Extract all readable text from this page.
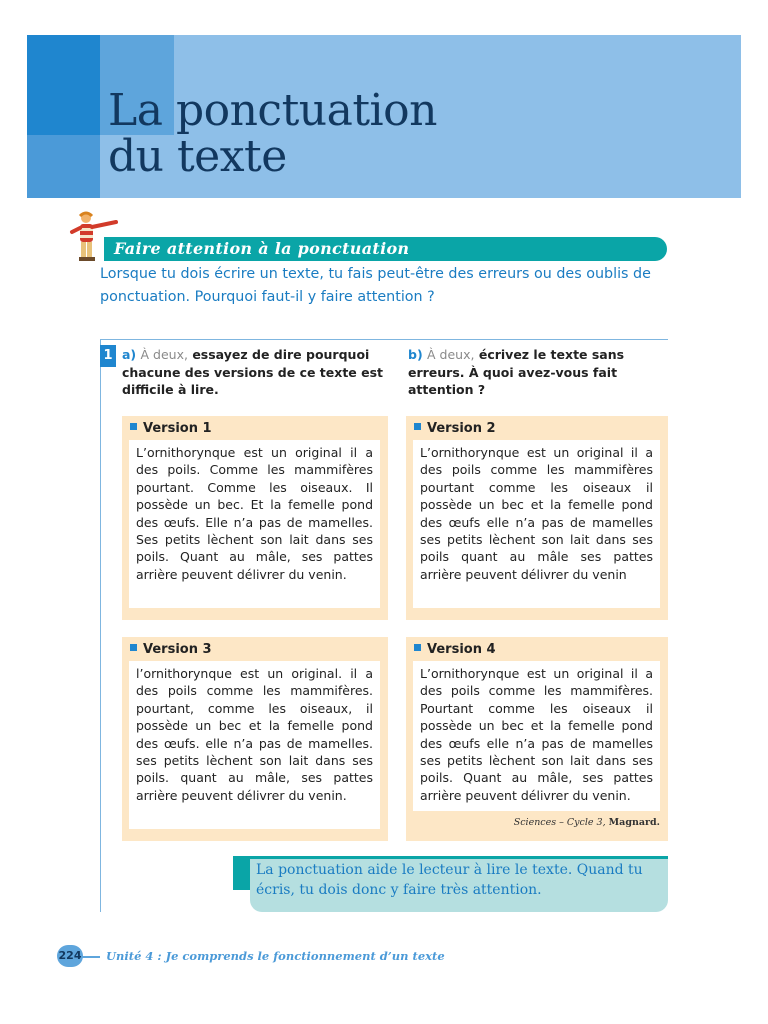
La ponctuation
du texte
Faire attention à la ponctuation
Lorsque tu dois écrire un texte, tu fais peut-être des erreurs ou des oublis de ponctuation. Pourquoi faut-il y faire attention ?
1 a) À deux, essayez de dire pourquoi chacune des versions de ce texte est difficile à lire.
b) À deux, écrivez le texte sans erreurs. À quoi avez-vous fait attention ?
Version 1
L’ornithorynque est un original il a des poils. Comme les mammifères pourtant. Comme les oiseaux. Il possède un bec. Et la femelle pond des œufs. Elle n’a pas de mamelles. Ses petits lèchent son lait dans ses poils. Quant au mâle, ses pattes arrière peuvent délivrer du venin.
Version 2
L’ornithorynque est un original il a des poils comme les mammifères pourtant comme les oiseaux il possède un bec et la femelle pond des œufs elle n’a pas de mamelles ses petits lèchent son lait dans ses poils quant au mâle ses pattes arrière peuvent délivrer du venin
Version 3
l’ornithorynque est un original. il a des poils comme les mammifères. pourtant, comme les oiseaux, il possède un bec et la femelle pond des œufs. elle n’a pas de mamelles. ses petits lèchent son lait dans ses poils. quant au mâle, ses pattes arrière peuvent délivrer du venin.
Version 4
L’ornithorynque est un original il a des poils comme les mammifères. Pourtant comme les oiseaux il possède un bec et la femelle pond des œufs elle n’a pas de mamelles ses petits lèchent son lait dans ses poils. Quant au mâle, ses pattes arrière peuvent délivrer du venin.
Sciences – Cycle 3, Magnard.
La ponctuation aide le lecteur à lire le texte. Quand tu écris, tu dois donc y faire très attention.
224 Unité 4 : Je comprends le fonctionnement d’un texte
